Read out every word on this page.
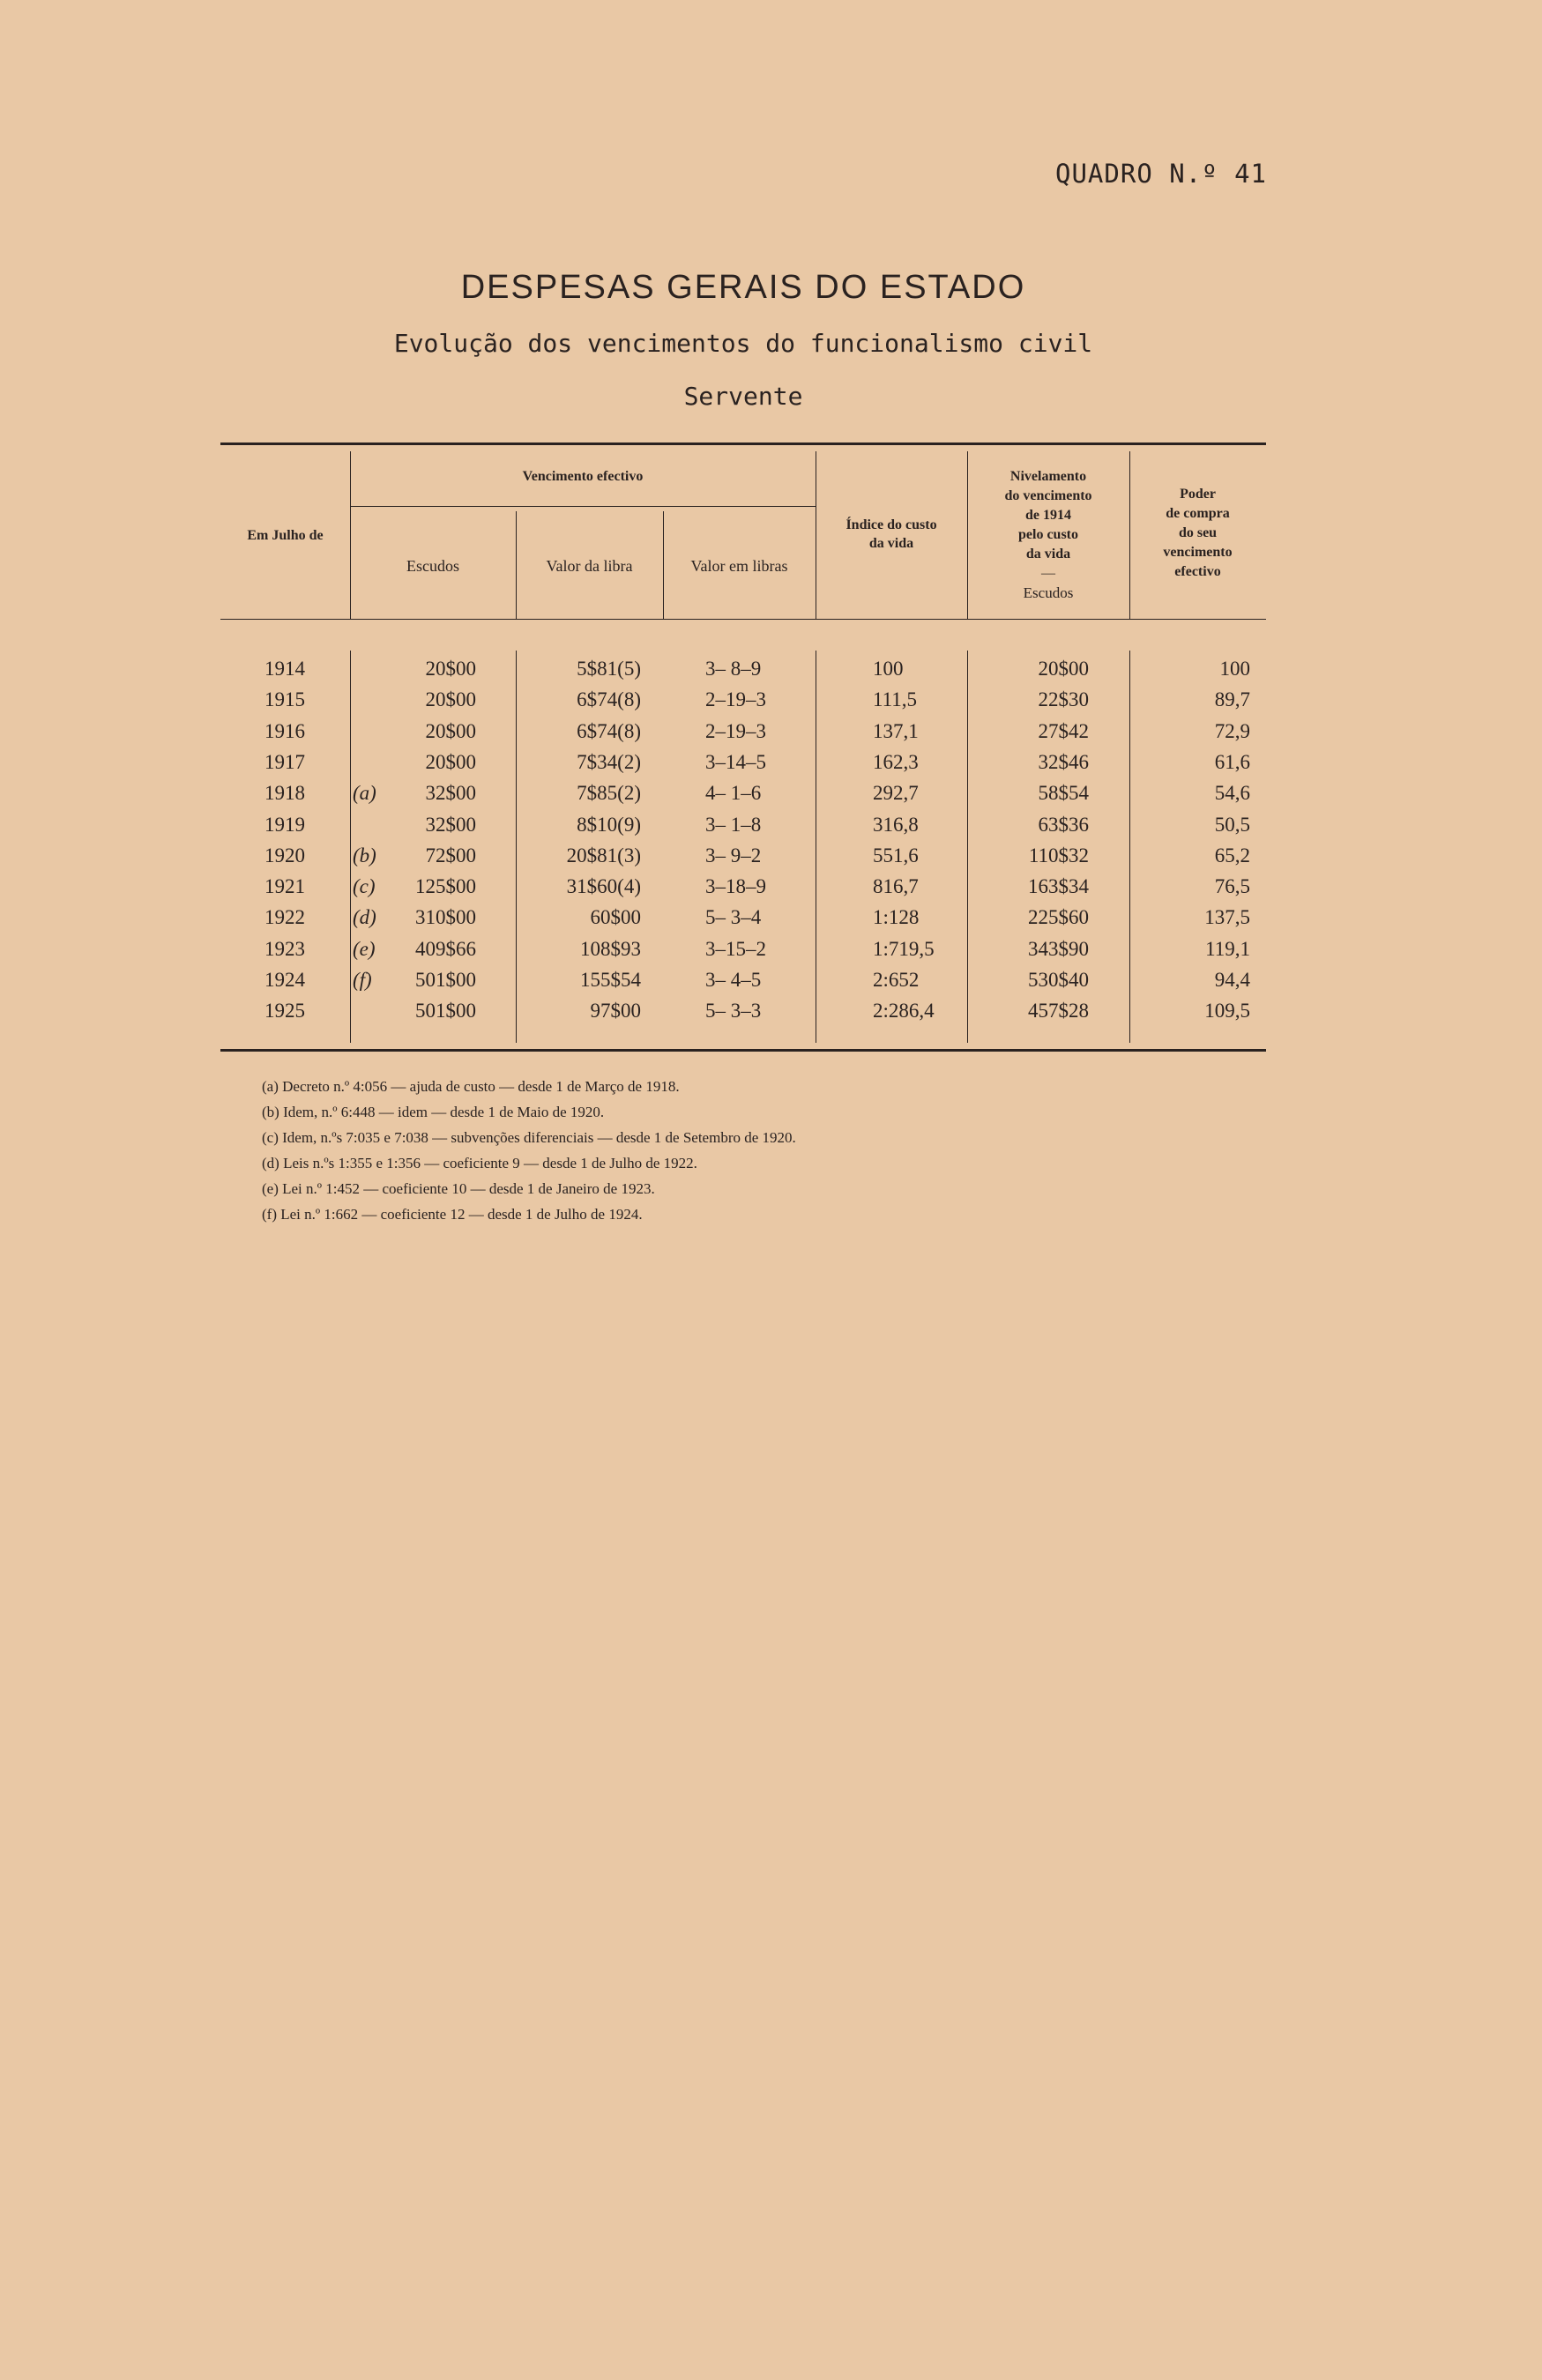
QUADRO N.º 41
DESPESAS GERAIS DO ESTADO
Evolução dos vencimentos do funcionalismo civil
Servente
Em Julho de
Vencimento efectivo
Escudos	Valor da libra	Valor em libras
Índice do custo
da vida
Nivelamento
do vencimento
de 1914
pelo custo
da vida
—
Escudos
Poder
de compra
do seu
vencimento
efectivo
1914	20$00	5$81(5)	3– 8–9	100	20$00	100
1915	20$00	6$74(8)	2–19–3	111,5	22$30	89,7
1916	20$00	6$74(8)	2–19–3	137,1	27$42	72,9
1917	20$00	7$34(2)	3–14–5	162,3	32$46	61,6
1918 (a)	32$00	7$85(2)	4– 1–6	292,7	58$54	54,6
1919	32$00	8$10(9)	3– 1–8	316,8	63$36	50,5
1920 (b)	72$00	20$81(3)	3– 9–2	551,6	110$32	65,2
1921 (c)	125$00	31$60(4)	3–18–9	816,7	163$34	76,5
1922 (d)	310$00	60$00	5– 3–4	1:128	225$60	137,5
1923 (e)	409$66	108$93	3–15–2	1:719,5	343$90	119,1
1924 (f)	501$00	155$54	3– 4–5	2:652	530$40	94,4
1925	501$00	97$00	5– 3–3	2:286,4	457$28	109,5
(a) Decreto n.º 4:056 — ajuda de custo — desde 1 de Março de 1918.
(b) Idem, n.º 6:448 — idem — desde 1 de Maio de 1920.
(c) Idem, n.ºs 7:035 e 7:038 — subvenções diferenciais — desde 1 de Setembro de 1920.
(d) Leis n.ºs 1:355 e 1:356 — coeficiente 9 — desde 1 de Julho de 1922.
(e) Lei n.º 1:452 — coeficiente 10 — desde 1 de Janeiro de 1923.
(f) Lei n.º 1:662 — coeficiente 12 — desde 1 de Julho de 1924.
